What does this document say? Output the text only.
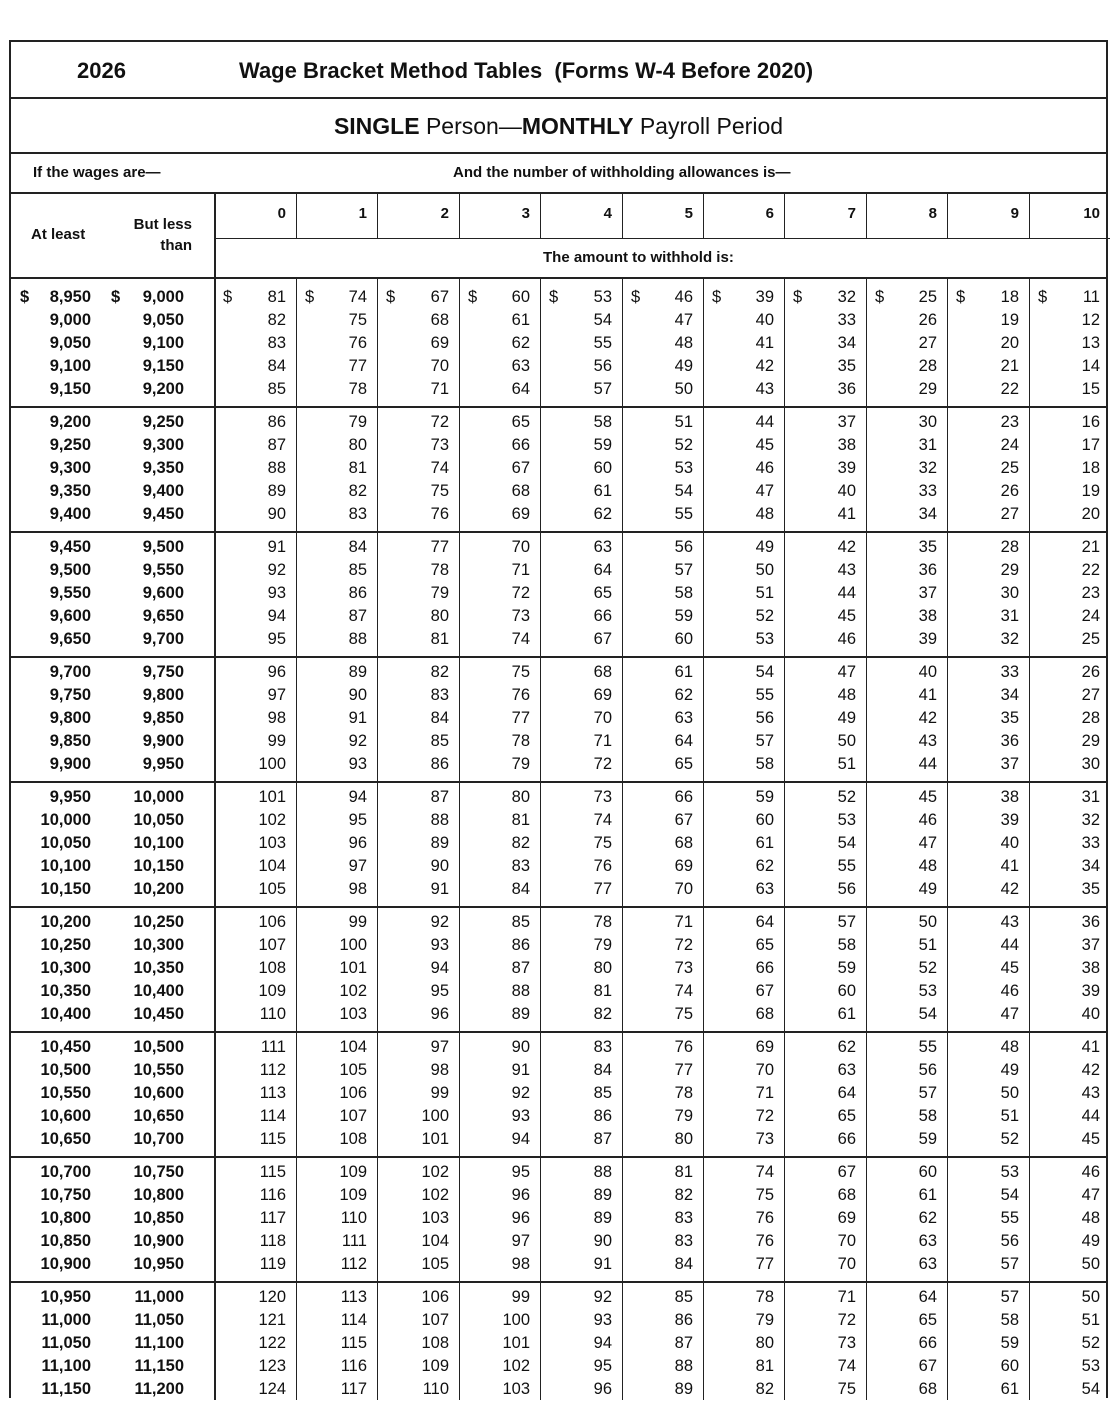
2026	Wage Bracket Method Tables  (Forms W-4 Before 2020)
SINGLE Person—MONTHLY Payroll Period
If the wages are—	And the number of withholding allowances is—
At least
But less
than
The amount to withhold is:
0	1	2	3	4	5	6	7	8	9	10
$	$
8,950	9,000 $	81 $	74 $	67 $	60 $	53 $	46 $	39 $	32 $	25 $	18 $	11
9,000	9,050	82	75	68	61	54	47	40	33	26	19	12
9,050	9,100	83	76	69	62	55	48	41	34	27	20	13
9,100	9,150	84	77	70	63	56	49	42	35	28	21	14
9,150	9,200	85	78	71	64	57	50	43	36	29	22	15
9,200	9,250	86	79	72	65	58	51	44	37	30	23	16
9,250	9,300	87	80	73	66	59	52	45	38	31	24	17
9,300	9,350	88	81	74	67	60	53	46	39	32	25	18
9,350	9,400	89	82	75	68	61	54	47	40	33	26	19
9,400	9,450	90	83	76	69	62	55	48	41	34	27	20
9,450	9,500	91	84	77	70	63	56	49	42	35	28	21
9,500	9,550	92	85	78	71	64	57	50	43	36	29	22
9,550	9,600	93	86	79	72	65	58	51	44	37	30	23
9,600	9,650	94	87	80	73	66	59	52	45	38	31	24
9,650	9,700	95	88	81	74	67	60	53	46	39	32	25
9,700	9,750	96	89	82	75	68	61	54	47	40	33	26
9,750	9,800	97	90	83	76	69	62	55	48	41	34	27
9,800	9,850	98	91	84	77	70	63	56	49	42	35	28
9,850	9,900	99	92	85	78	71	64	57	50	43	36	29
9,900	9,950	100	93	86	79	72	65	58	51	44	37	30
9,950	10,000	101	94	87	80	73	66	59	52	45	38	31
10,000	10,050	102	95	88	81	74	67	60	53	46	39	32
10,050	10,100	103	96	89	82	75	68	61	54	47	40	33
10,100	10,150	104	97	90	83	76	69	62	55	48	41	34
10,150	10,200	105	98	91	84	77	70	63	56	49	42	35
10,200	10,250	106	99	92	85	78	71	64	57	50	43	36
10,250	10,300	107	100	93	86	79	72	65	58	51	44	37
10,300	10,350	108	101	94	87	80	73	66	59	52	45	38
10,350	10,400	109	102	95	88	81	74	67	60	53	46	39
10,400	10,450	110	103	96	89	82	75	68	61	54	47	40
10,450	10,500	111	104	97	90	83	76	69	62	55	48	41
10,500	10,550	112	105	98	91	84	77	70	63	56	49	42
10,550	10,600	113	106	99	92	85	78	71	64	57	50	43
10,600	10,650	114	107	100	93	86	79	72	65	58	51	44
10,650	10,700	115	108	101	94	87	80	73	66	59	52	45
10,700	10,750	115	109	102	95	88	81	74	67	60	53	46
10,750	10,800	116	109	102	96	89	82	75	68	61	54	47
10,800	10,850	117	110	103	96	89	83	76	69	62	55	48
10,850	10,900	118	111	104	97	90	83	76	70	63	56	49
10,900	10,950	119	112	105	98	91	84	77	70	63	57	50
10,950	11,000	120	113	106	99	92	85	78	71	64	57	50
11,000	11,050	121	114	107	100	93	86	79	72	65	58	51
11,050	11,100	122	115	108	101	94	87	80	73	66	59	52
11,100	11,150	123	116	109	102	95	88	81	74	67	60	53
11,150	11,200	124	117	110	103	96	89	82	75	68	61	54
